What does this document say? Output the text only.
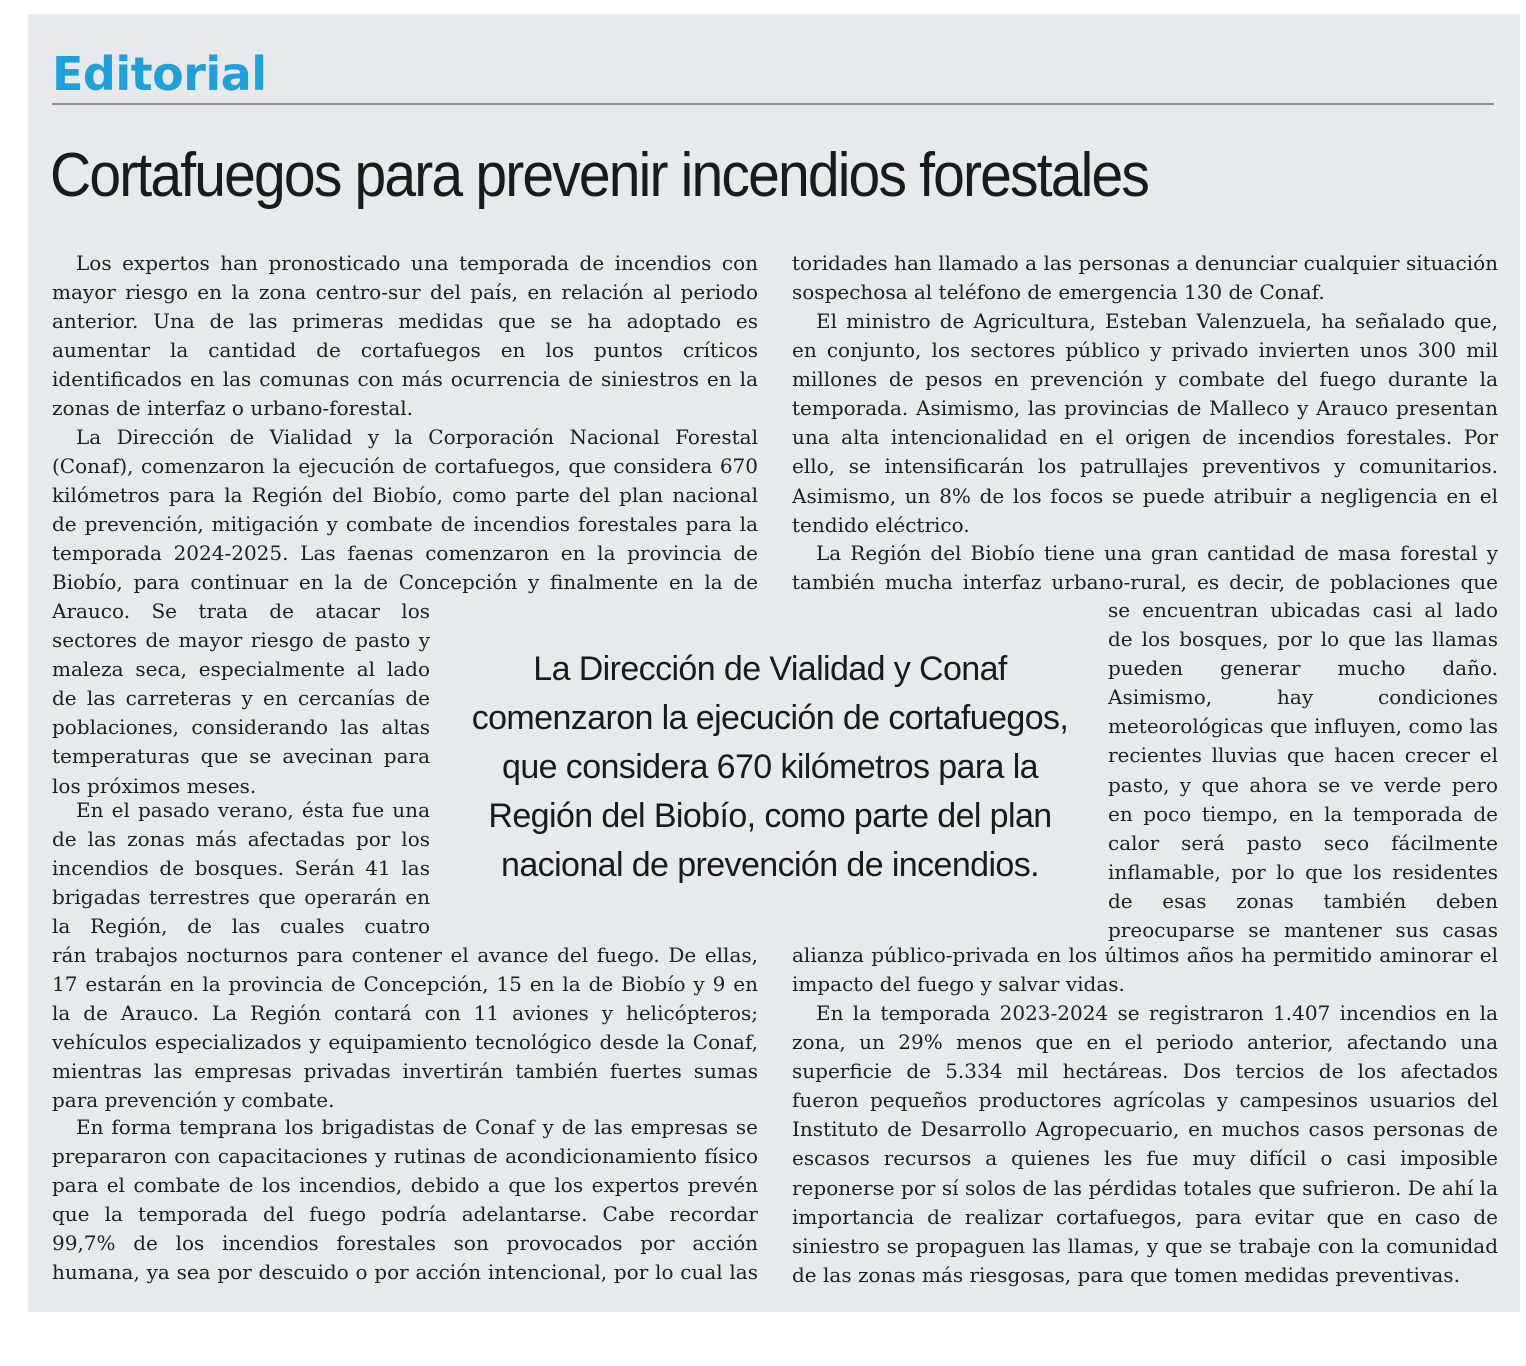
Editorial
Cortafuegos para prevenir incendios forestales

Los expertos han pronosticado una temporada de incendios con mayor riesgo en la zona centro-sur del país, en relación al periodo anterior. Una de las primeras medidas que se ha adoptado es aumentar la cantidad de cortafuegos en los puntos críticos identificados en las comunas con más ocurrencia de siniestros en la zonas de interfaz o urbano-forestal.

La Dirección de Vialidad y la Corporación Nacional Forestal (Conaf), comenzaron la ejecución de cortafuegos, que considera 670 kilómetros para la Región del Biobío, como parte del plan nacional de prevención, mitigación y combate de incendios forestales para la temporada 2024-2025. Las faenas comenzaron en la provincia de Biobío, para continuar en la de Concepción y finalmente en la de

Arauco. Se trata de atacar los sectores de mayor riesgo de pasto y maleza seca, especialmente al lado de las carreteras y en cercanías de poblaciones, considerando las altas temperaturas que se avecinan para los próximos meses.

En el pasado verano, ésta fue una de las zonas más afectadas por los incendios de bosques. Serán 41 las brigadas terrestres que operarán en la Región, de las cuales cuatro

rán trabajos nocturnos para contener el avance del fuego. De ellas, 17 estarán en la provincia de Concepción, 15 en la de Biobío y 9 en la de Arauco. La Región contará con 11 aviones y helicópteros; vehículos especializados y equipamiento tecnológico desde la Conaf, mientras las empresas privadas invertirán también fuertes sumas para prevención y combate.

En forma temprana los brigadistas de Conaf y de las empresas se prepararon con capacitaciones y rutinas de acondicionamiento físico para el combate de los incendios, debido a que los expertos prevén que la temporada del fuego podría adelantarse. Cabe recordar 99,7% de los incendios forestales son provocados por acción humana, ya sea por descuido o por acción intencional, por lo cual las

toridades han llamado a las personas a denunciar cualquier situación sospechosa al teléfono de emergencia 130 de Conaf.

El ministro de Agricultura, Esteban Valenzuela, ha señalado que, en conjunto, los sectores público y privado invierten unos 300 mil millones de pesos en prevención y combate del fuego durante la temporada. Asimismo, las provincias de Malleco y Arauco presentan una alta intencionalidad en el origen de incendios forestales. Por ello, se intensificarán los patrullajes preventivos y comunitarios. Asimismo, un 8% de los focos se puede atribuir a negligencia en el tendido eléctrico.

La Región del Biobío tiene una gran cantidad de masa forestal y también mucha interfaz urbano-rural, es decir, de poblaciones que

se encuentran ubicadas casi al lado de los bosques, por lo que las llamas pueden generar mucho daño. Asimismo, hay condiciones meteorológicas que influyen, como las recientes lluvias que hacen crecer el pasto, y que ahora se ve verde pero en poco tiempo, en la temporada de calor será pasto seco fácilmente inflamable, por lo que los residentes de esas zonas también deben preocuparse se mantener sus casas

alianza público-privada en los últimos años ha permitido aminorar el impacto del fuego y salvar vidas.

En la temporada 2023-2024 se registraron 1.407 incendios en la zona, un 29% menos que en el periodo anterior, afectando una superficie de 5.334 mil hectáreas. Dos tercios de los afectados fueron pequeños productores agrícolas y campesinos usuarios del Instituto de Desarrollo Agropecuario, en muchos casos personas de escasos recursos a quienes les fue muy difícil o casi imposible reponerse por sí solos de las pérdidas totales que sufrieron. De ahí la importancia de realizar cortafuegos, para evitar que en caso de siniestro se propaguen las llamas, y que se trabaje con la comunidad de las zonas más riesgosas, para que tomen medidas preventivas.

La Dirección de Vialidad y Conaf comenzaron la ejecución de cortafuegos, que considera 670 kilómetros para la Región del Biobío, como parte del plan nacional de prevención de incendios.
